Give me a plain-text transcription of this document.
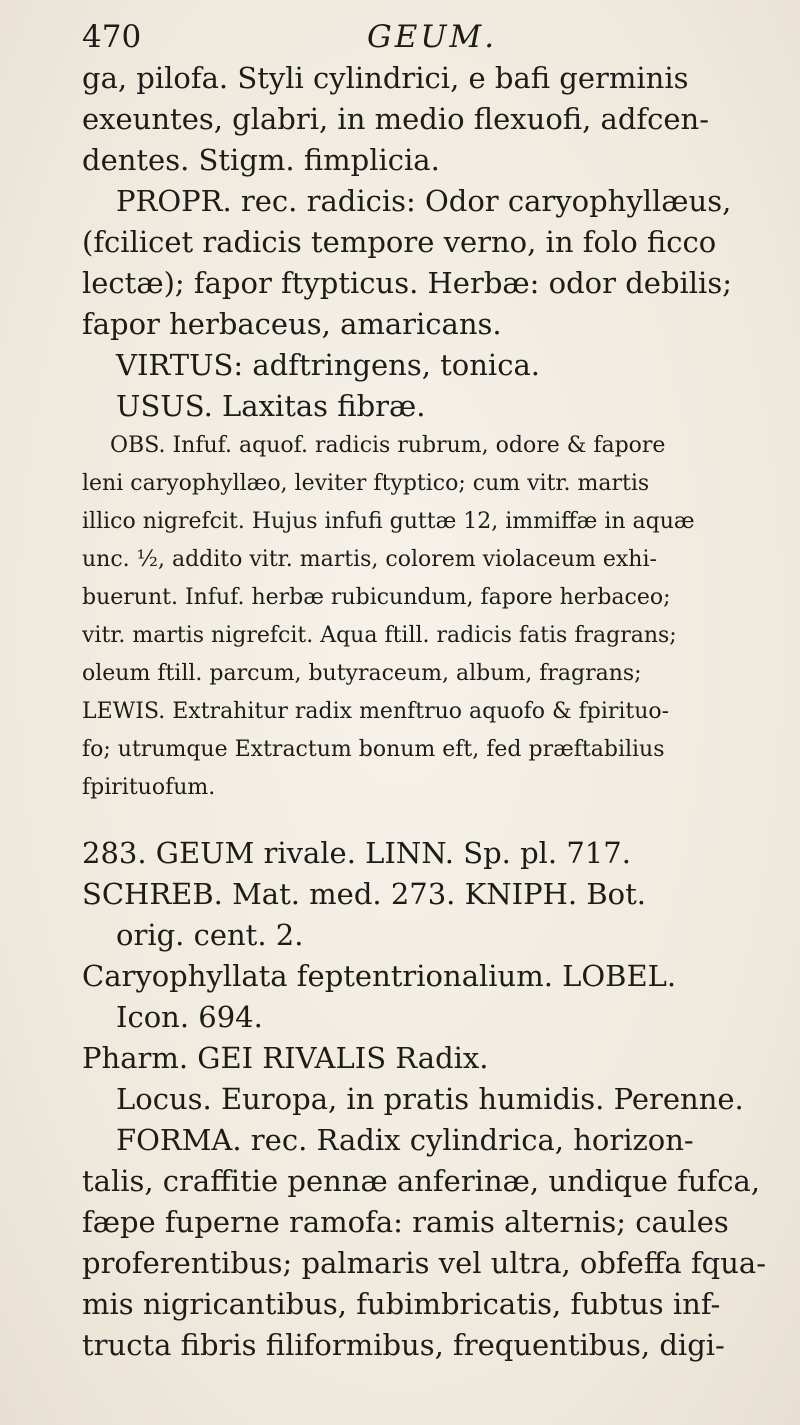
470	GEUM.
ga, pilofa. Styli cylindrici, e bafi germinis
exeuntes, glabri, in medio flexuofi, adfcen-
dentes. Stigm. fimplicia.
PROPR. rec. radicis: Odor caryophyllæus,
(fcilicet radicis tempore verno, in folo ficco
lectæ); fapor ftypticus. Herbæ: odor debilis;
fapor herbaceus, amaricans.
VIRTUS: adftringens, tonica.
USUS. Laxitas fibræ.
OBS. Infuf. aquof. radicis rubrum, odore & fapore
leni caryophyllæo, leviter ftyptico; cum vitr. martis
illico nigrefcit. Hujus infufi guttæ 12, immiffæ in aquæ
unc. ½, addito vitr. martis, colorem violaceum exhi-
buerunt. Infuf. herbæ rubicundum, fapore herbaceo;
vitr. martis nigrefcit. Aqua ftill. radicis fatis fragrans;
oleum ftill. parcum, butyraceum, album, fragrans;
LEWIS. Extrahitur radix menftruo aquofo & fpirituo-
fo; utrumque Extractum bonum eft, fed præftabilius
fpirituofum.
283. GEUM rivale. LINN. Sp. pl. 717.
SCHREB. Mat. med. 273. KNIPH. Bot.
orig. cent. 2.
Caryophyllata feptentrionalium. LOBEL.
Icon. 694.
Pharm. GEI RIVALIS Radix.
Locus. Europa, in pratis humidis. Perenne.
FORMA. rec. Radix cylindrica, horizon-
talis, craffitie pennæ anferinæ, undique fufca,
fæpe fuperne ramofa: ramis alternis; caules
proferentibus; palmaris vel ultra, obfeffa fqua-
mis nigricantibus, fubimbricatis, fubtus inf-
tructa fibris filiformibus, frequentibus, digi-
